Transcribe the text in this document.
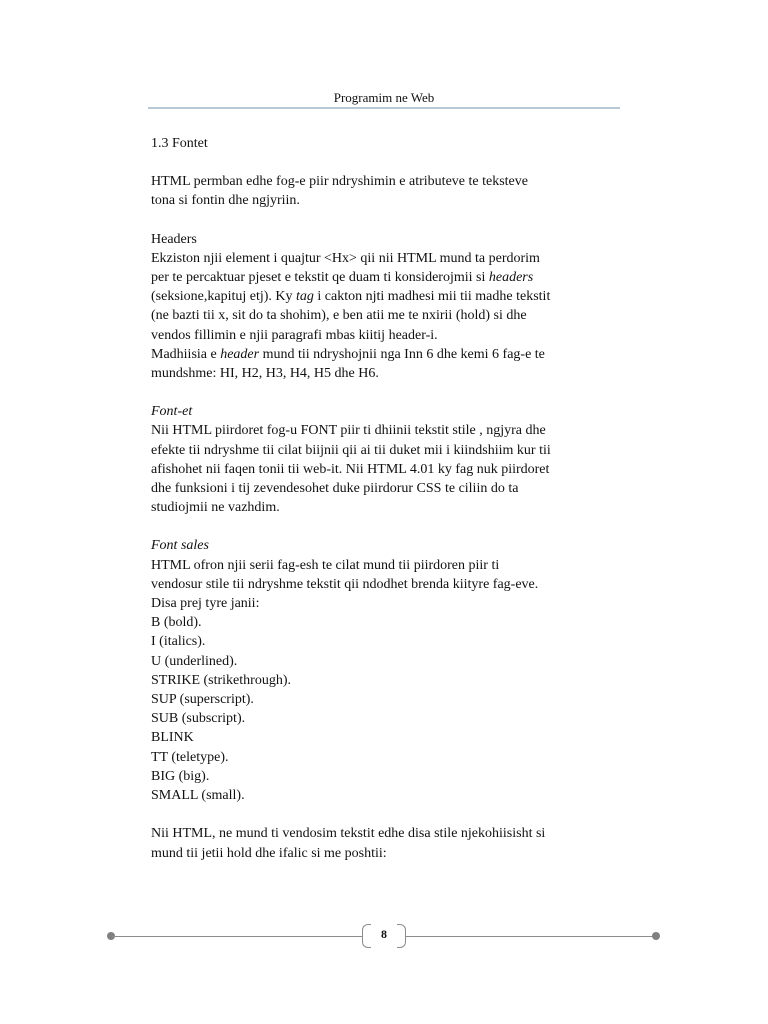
Programim ne Web

1.3 Fontet

HTML permban edhe fog-e piir ndryshimin e atributeve te teksteve

tona si fontin dhe ngjyriin.

Headers

Ekziston njii element i quajtur <Hx> qii nii HTML mund ta perdorim

per te percaktuar pjeset e tekstit qe duam ti konsiderojmii si headers

(seksione,kapituj etj). Ky tag i cakton njti madhesi mii tii madhe tekstit

(ne bazti tii x, sit do ta shohim), e ben atii me te nxirii (hold) si dhe

vendos fillimin e njii paragrafi mbas kiitij header-i.

Madhiisia e header mund tii ndryshojnii nga Inn 6 dhe kemi 6 fag-e te

mundshme: HI, H2, H3, H4, H5 dhe H6.

Font-et

Nii HTML piirdoret fog-u FONT piir ti dhiinii tekstit stile , ngjyra dhe

efekte tii ndryshme tii cilat biijnii qii ai tii duket mii i kiindshiim kur tii

afishohet nii faqen tonii tii web-it. Nii HTML 4.01 ky fag nuk piirdoret

dhe funksioni i tij zevendesohet duke piirdorur CSS te ciliin do ta

studiojmii ne vazhdim.

Font sales

HTML ofron njii serii fag-esh te cilat mund tii piirdoren piir ti

vendosur stile tii ndryshme tekstit qii ndodhet brenda kiityre fag-eve.

Disa prej tyre janii:

B (bold).

I (italics).

U (underlined).

STRIKE (strikethrough).

SUP (superscript).

SUB (subscript).

BLINK

TT (teletype).

BIG (big).

SMALL (small).

Nii HTML, ne mund ti vendosim tekstit edhe disa stile njekohiisisht si

mund tii jetii hold dhe ifalic si me poshtii:

8
